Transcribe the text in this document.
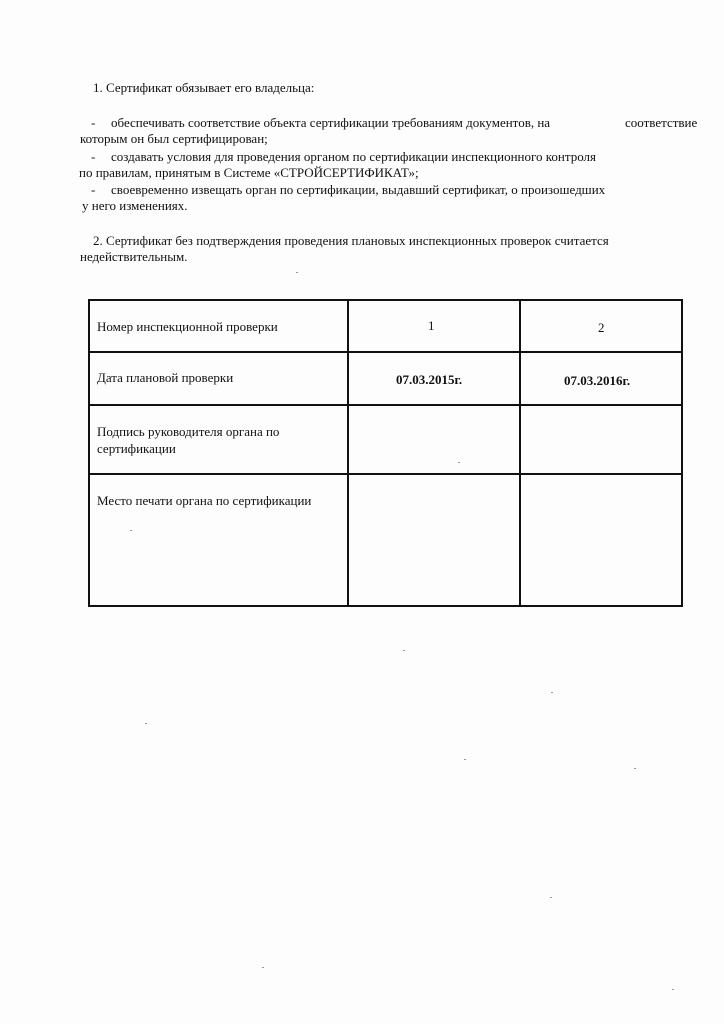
1. Сертификат обязывает его владельца:
- обеспечивать соответствие объекта сертификации требованиям документов, на	соответствие
которым он был сертифицирован;
- создавать условия для проведения органом по сертификации инспекционного контроля
по правилам, принятым в Системе «СТРОЙСЕРТИФИКАТ»;
- своевременно извещать орган по сертификации, выдавший сертификат, о произошедших
у него изменениях.
2. Сертификат без подтверждения проведения плановых инспекционных проверок считается
недействительным.
Номер инспекционной проверки	1	2
Дата плановой проверки	07.03.2015г.	07.03.2016г.
Подпись руководителя органа по
сертификации
Место печати органа по сертификации
